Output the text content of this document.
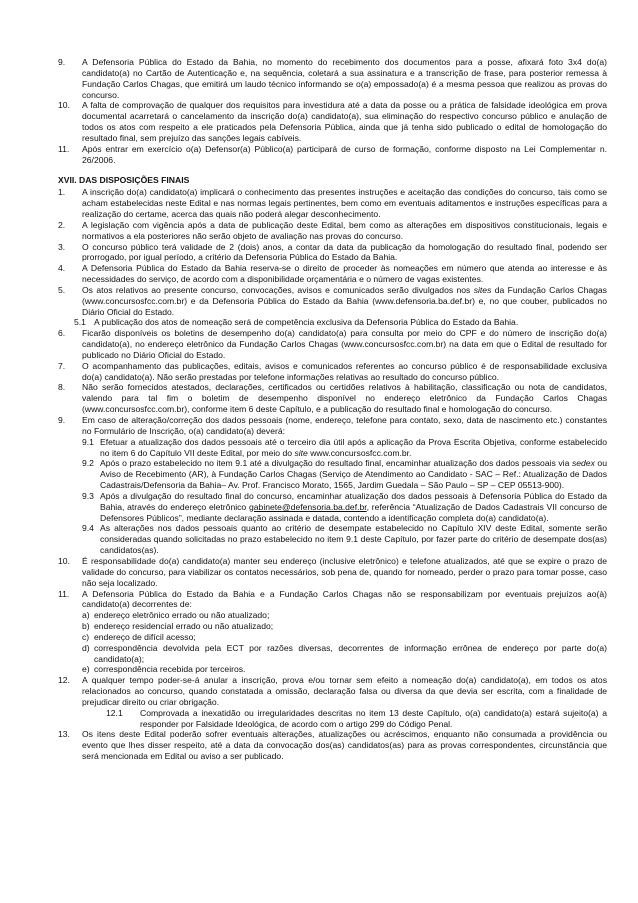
9.	A Defensoria Pública do Estado da Bahia, no momento do recebimento dos documentos para a posse, afixará foto 3x4 do(a) candidato(a) no Cartão de Autenticação e, na sequência, coletará a sua assinatura e a transcrição de frase, para posterior remessa à Fundação Carlos Chagas, que emitirá um laudo técnico informando se o(a) empossado(a) é a mesma pessoa que realizou as provas do concurso.
10.	A falta de comprovação de qualquer dos requisitos para investidura até a data da posse ou a prática de falsidade ideológica em prova documental acarretará o cancelamento da inscrição do(a) candidato(a), sua eliminação do respectivo concurso público e anulação de todos os atos com respeito a ele praticados pela Defensoria Pública, ainda que já tenha sido publicado o edital de homologação do resultado final, sem prejuízo das sanções legais cabíveis.
11.	Após entrar em exercício o(a) Defensor(a) Público(a) participará de curso de formação, conforme disposto na Lei Complementar n. 26/2006.
XVII. DAS DISPOSIÇÕES FINAIS
1.	A inscrição do(a) candidato(a) implicará o conhecimento das presentes instruções e aceitação das condições do concurso, tais como se acham estabelecidas neste Edital e nas normas legais pertinentes, bem como em eventuais aditamentos e instruções específicas para a realização do certame, acerca das quais não poderá alegar desconhecimento.
2.	A legislação com vigência após a data de publicação deste Edital, bem como as alterações em dispositivos constitucionais, legais e normativos a ela posteriores não serão objeto de avaliação nas provas do concurso.
3.	O concurso público terá validade de 2 (dois) anos, a contar da data da publicação da homologação do resultado final, podendo ser prorrogado, por igual período, a critério da Defensoria Pública do Estado da Bahia.
4.	A Defensoria Pública do Estado da Bahia reserva-se o direito de proceder às nomeações em número que atenda ao interesse e às necessidades do serviço, de acordo com a disponibilidade orçamentária e o número de vagas existentes.
5.	Os atos relativos ao presente concurso, convocações, avisos e comunicados serão divulgados nos sites da Fundação Carlos Chagas (www.concursosfcc.com.br) e da Defensoria Pública do Estado da Bahia (www.defensoria.ba.def.br) e, no que couber, publicados no Diário Oficial do Estado.
5.1 A publicação dos atos de nomeação será de competência exclusiva da Defensoria Pública do Estado da Bahia.
6.	Ficarão disponíveis os boletins de desempenho do(a) candidato(a) para consulta por meio do CPF e do número de inscrição do(a) candidato(a), no endereço eletrônico da Fundação Carlos Chagas (www.concursosfcc.com.br) na data em que o Edital de resultado for publicado no Diário Oficial do Estado.
7.	O acompanhamento das publicações, editais, avisos e comunicados referentes ao concurso público é de responsabilidade exclusiva do(a) candidato(a). Não serão prestadas por telefone informações relativas ao resultado do concurso público.
8.	Não serão fornecidos atestados, declarações, certificados ou certidões relativos à habilitação, classificação ou nota de candidatos, valendo para tal fim o boletim de desempenho disponível no endereço eletrônico da Fundação Carlos Chagas (www.concursosfcc.com.br), conforme item 6 deste Capítulo, e a publicação do resultado final e homologação do concurso.
9.	Em caso de alteração/correção dos dados pessoais (nome, endereço, telefone para contato, sexo, data de nascimento etc.) constantes no Formulário de Inscrição, o(a) candidato(a) deverá:
9.1 Efetuar a atualização dos dados pessoais até o terceiro dia útil após a aplicação da Prova Escrita Objetiva, conforme estabelecido no item 6 do Capítulo VII deste Edital, por meio do site www.concursosfcc.com.br.
9.2 Após o prazo estabelecido no item 9.1 até a divulgação do resultado final, encaminhar atualização dos dados pessoais via sedex ou Aviso de Recebimento (AR), à Fundação Carlos Chagas (Serviço de Atendimento ao Candidato - SAC – Ref.: Atualização de Dados Cadastrais/Defensoria da Bahia– Av. Prof. Francisco Morato, 1565, Jardim Guedala – São Paulo – SP – CEP 05513-900).
9.3 Após a divulgação do resultado final do concurso, encaminhar atualização dos dados pessoais à Defensoria Pública do Estado da Bahia, através do endereço eletrônico gabinete@defensoria.ba.def.br, referência “Atualização de Dados Cadastrais VII concurso de Defensores Públicos”, mediante declaração assinada e datada, contendo a identificação completa do(a) candidato(a).
9.4 As alterações nos dados pessoais quanto ao critério de desempate estabelecido no Capítulo XIV deste Edital, somente serão consideradas quando solicitadas no prazo estabelecido no item 9.1 deste Capítulo, por fazer parte do critério de desempate dos(as) candidatos(as).
10.	É responsabilidade do(a) candidato(a) manter seu endereço (inclusive eletrônico) e telefone atualizados, até que se expire o prazo de validade do concurso, para viabilizar os contatos necessários, sob pena de, quando for nomeado, perder o prazo para tomar posse, caso não seja localizado.
11.	A Defensoria Pública do Estado da Bahia e a Fundação Carlos Chagas não se responsabilizam por eventuais prejuízos ao(à) candidato(a) decorrentes de:
a) endereço eletrônico errado ou não atualizado;
b) endereço residencial errado ou não atualizado;
c) endereço de difícil acesso;
d) correspondência devolvida pela ECT por razões diversas, decorrentes de informação errônea de endereço por parte do(a) candidato(a);
e) correspondência recebida por terceiros.
12.	A qualquer tempo poder-se-á anular a inscrição, prova e/ou tornar sem efeito a nomeação do(a) candidato(a), em todos os atos relacionados ao concurso, quando constatada a omissão, declaração falsa ou diversa da que devia ser escrita, com a finalidade de prejudicar direito ou criar obrigação.
12.1	Comprovada a inexatidão ou irregularidades descritas no item 13 deste Capítulo, o(a) candidato(a) estará sujeito(a) a responder por Falsidade Ideológica, de acordo com o artigo 299 do Código Penal.
13.	Os itens deste Edital poderão sofrer eventuais alterações, atualizações ou acréscimos, enquanto não consumada a providência ou evento que lhes disser respeito, até a data da convocação dos(as) candidatos(as) para as provas correspondentes, circunstância que será mencionada em Edital ou aviso a ser publicado.
